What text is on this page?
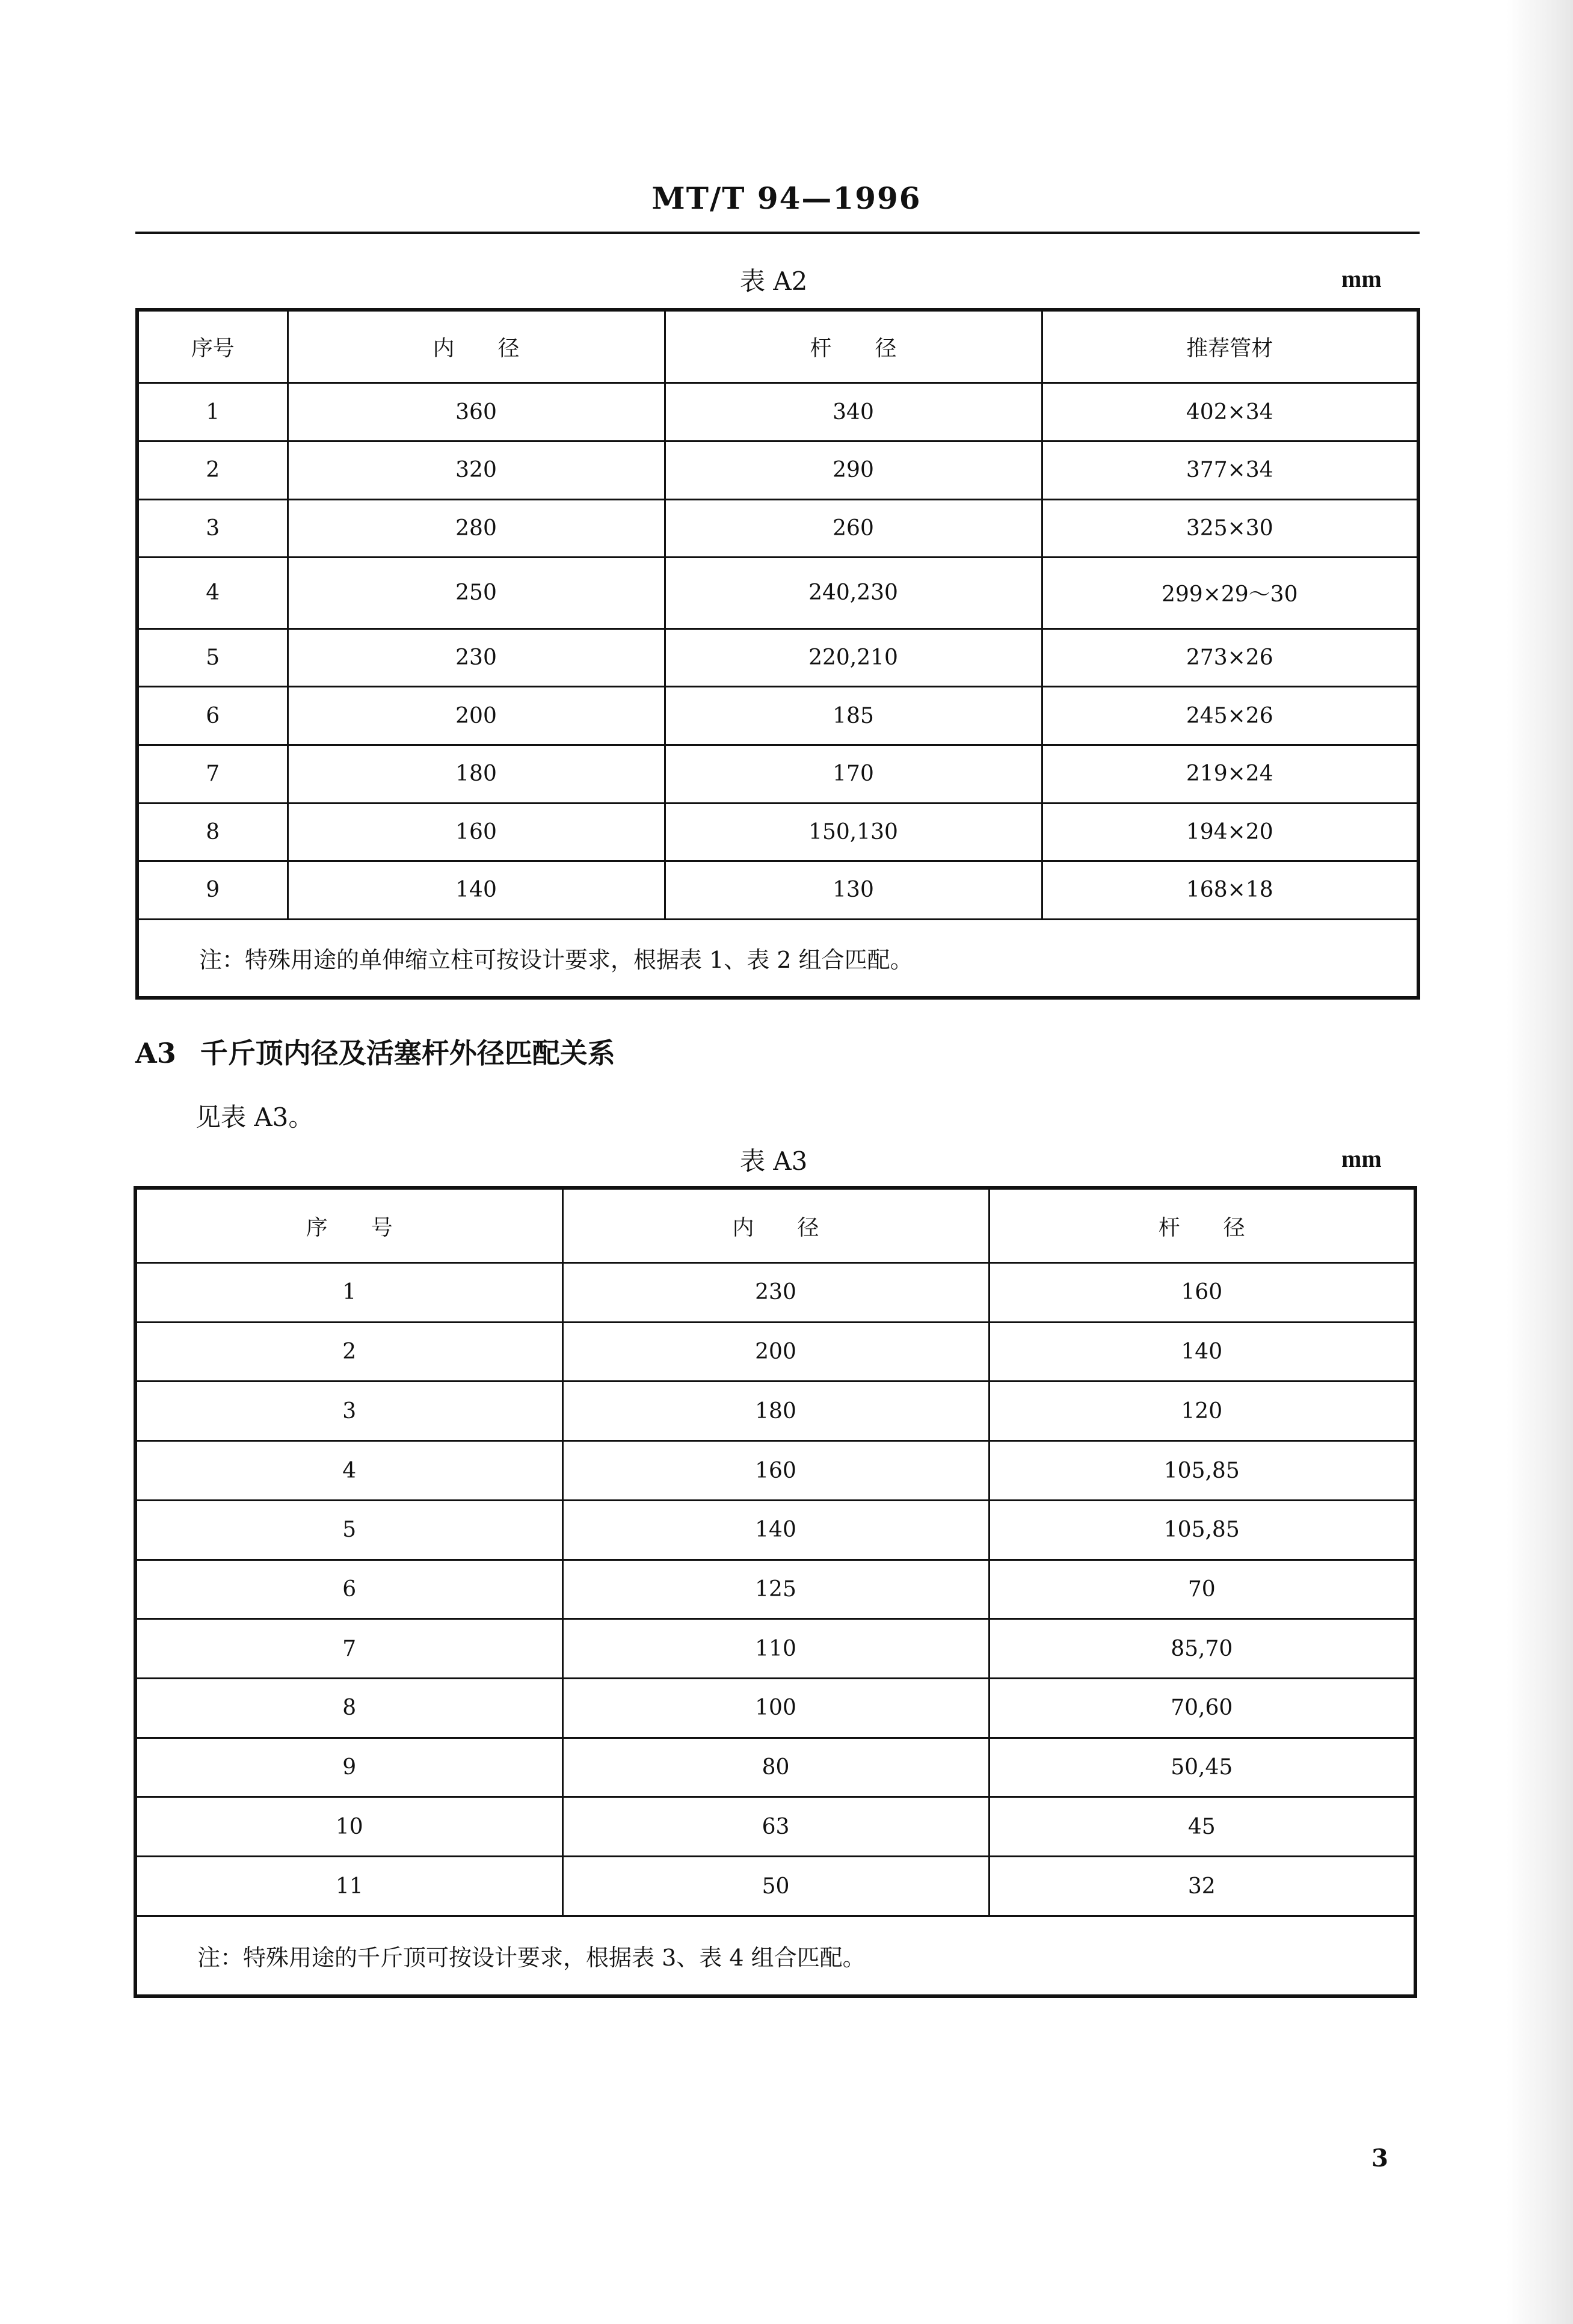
MT/T 94—1996
表 A2	mm
序号	内　　径	杆　　径	推荐管材
1	360	340	402×34
2	320	290	377×34
3	280	260	325×30
4	250	240,230	299×29～30
5	230	220,210	273×26
6	200	185	245×26
7	180	170	219×24
8	160	150,130	194×20
9	140	130	168×18
注：特殊用途的单伸缩立柱可按设计要求，根据表 1、表 2 组合匹配。			
A3 千斤顶内径及活塞杆外径匹配关系
见表 A3。
表 A3	mm
序　　号	内　　径	杆　　径
1	230	160
2	200	140
3	180	120
4	160	105,85
5	140	105,85
6	125	70
7	110	85,70
8	100	70,60
9	80	50,45
10	63	45
11	50	32
注：特殊用途的千斤顶可按设计要求，根据表 3、表 4 组合匹配。		
3
